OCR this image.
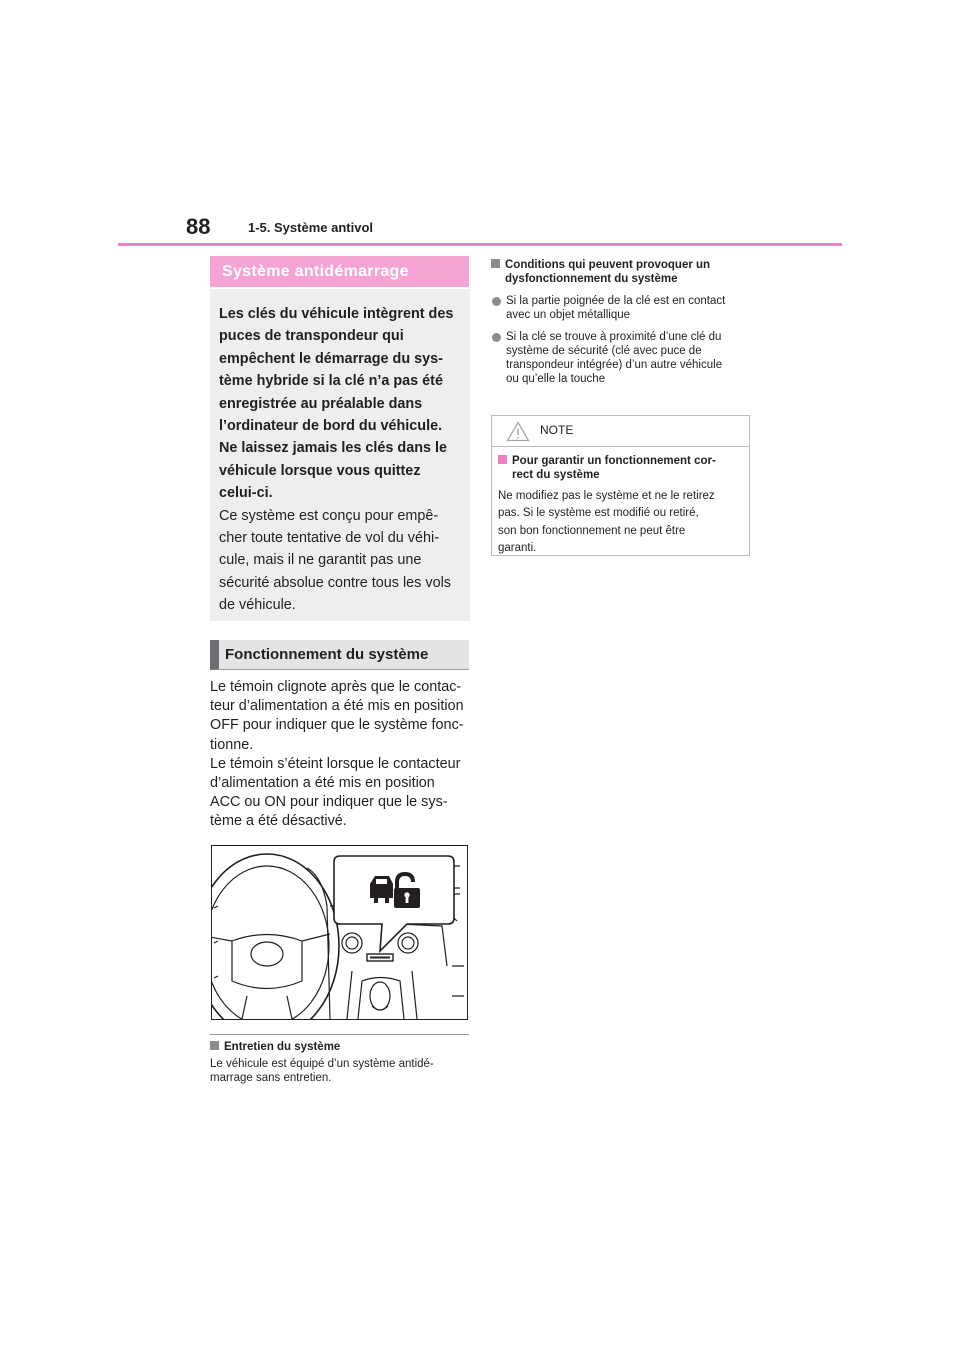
88	1-5. Système antivol
Système antidémarrage

Les clés du véhicule intègrent des

puces de transpondeur qui

empêchent le démarrage du sys-

tème hybride si la clé n’a pas été

enregistrée au préalable dans

l’ordinateur de bord du véhicule.

Ne laissez jamais les clés dans le

véhicule lorsque vous quittez

celui-ci.

Ce système est conçu pour empê-

cher toute tentative de vol du véhi-

cule, mais il ne garantit pas une

sécurité absolue contre tous les vols

de véhicule.

Fonctionnement du système

Le témoin clignote après que le contac-

teur d’alimentation a été mis en position

OFF pour indiquer que le système fonc-

tionne.

Le témoin s’éteint lorsque le contacteur

d’alimentation a été mis en position

ACC ou ON pour indiquer que le sys-

tème a été désactivé.

Entretien du système
Le véhicule est équipé d’un système antidé-
marrage sans entretien.
Conditions qui peuvent provoquer un
dysfonctionnement du système
Si la partie poignée de la clé est en contact
avec un objet métallique
Si la clé se trouve à proximité d’une clé du
système de sécurité (clé avec puce de
transpondeur intégrée) d’un autre véhicule
ou qu’elle la touche
NOTE
Pour garantir un fonctionnement cor-
rect du système
Ne modifiez pas le système et ne le retirez
pas. Si le système est modifié ou retiré,
son bon fonctionnement ne peut être
garanti.
